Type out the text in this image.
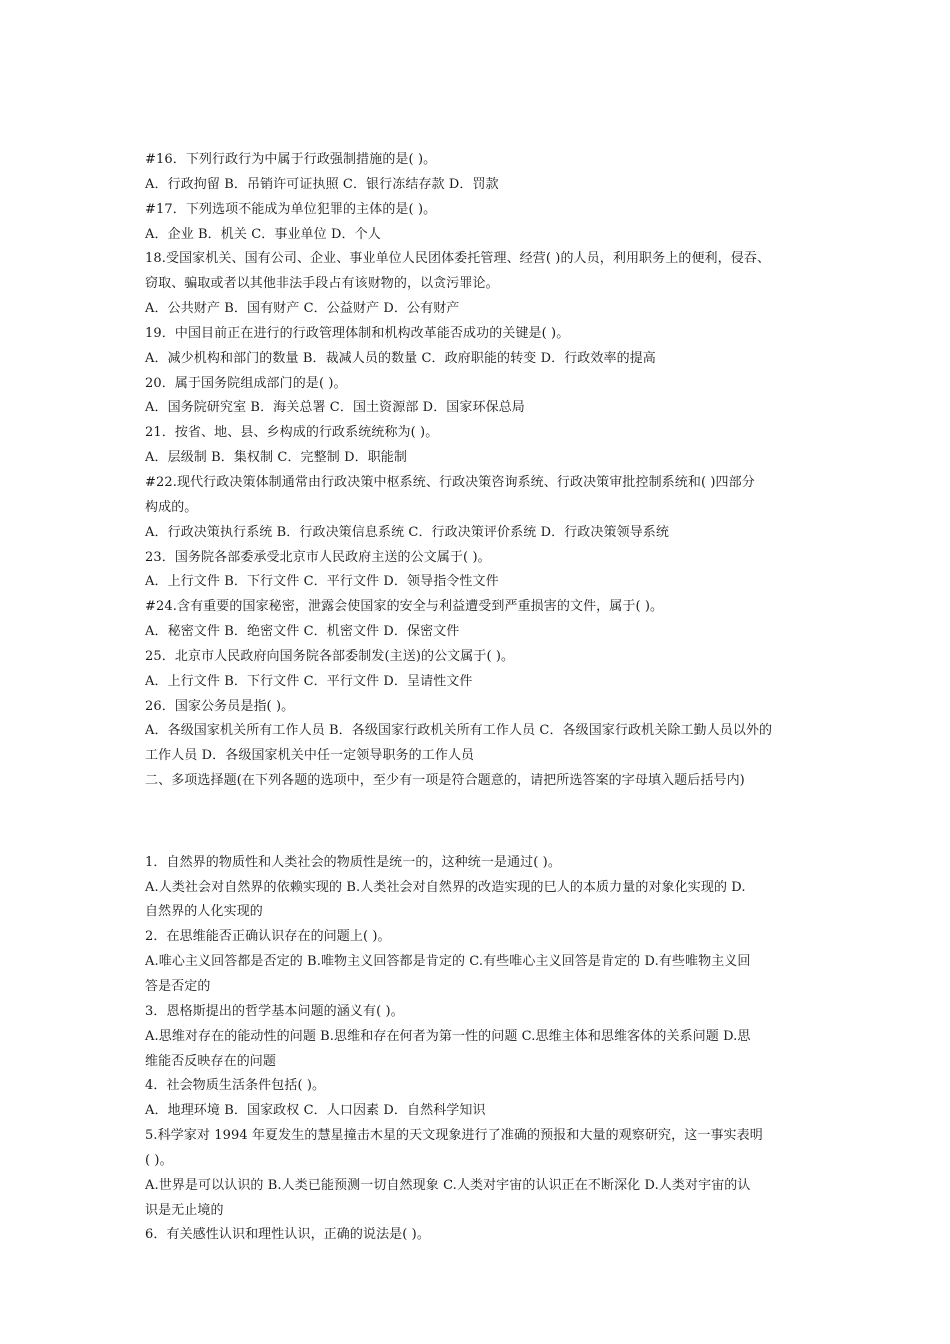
#16．下列行政行为中属于行政强制措施的是( )。

A．行政拘留 B．吊销许可证执照 C．银行冻结存款 D．罚款

#17．下列选项不能成为单位犯罪的主体的是( )。

A．企业 B．机关 C．事业单位 D．个人

18.受国家机关、国有公司、企业、事业单位人民团体委托管理、经营( )的人员，利用职务上的便利，侵吞、

窃取、骗取或者以其他非法手段占有该财物的，以贪污罪论。

A．公共财产 B．国有财产 C．公益财产 D．公有财产

19．中国目前正在进行的行政管理体制和机构改革能否成功的关键是( )。

A．减少机构和部门的数量 B．裁减人员的数量 C．政府职能的转变 D．行政效率的提高

20．属于国务院组成部门的是( )。

A．国务院研究室 B．海关总署 C．国土资源部 D．国家环保总局

21．按省、地、县、乡构成的行政系统统称为( )。

A．层级制 B．集权制 C．完整制 D．职能制

#22.现代行政决策体制通常由行政决策中枢系统、行政决策咨询系统、行政决策审批控制系统和( )四部分

构成的。

A．行政决策执行系统 B．行政决策信息系统 C．行政决策评价系统 D．行政决策领导系统

23．国务院各部委承受北京市人民政府主送的公文属于( )。

A．上行文件 B．下行文件 C．平行文件 D．领导指令性文件

#24.含有重要的国家秘密，泄露会使国家的安全与利益遭受到严重损害的文件，属于( )。

A．秘密文件 B．绝密文件 C．机密文件 D．保密文件

25．北京市人民政府向国务院各部委制发(主送)的公文属于( )。

A．上行文件 B．下行文件 C．平行文件 D．呈请性文件

26．国家公务员是指( )。

A．各级国家机关所有工作人员 B．各级国家行政机关所有工作人员 C．各级国家行政机关除工勤人员以外的

工作人员 D．各级国家机关中任一定领导职务的工作人员

二、多项选择题(在下列各题的选项中，至少有一项是符合题意的，请把所选答案的字母填入题后括号内)

1．自然界的物质性和人类社会的物质性是统一的，这种统一是通过( )。

A.人类社会对自然界的依赖实现的 B.人类社会对自然界的改造实现的巳人的本质力量的对象化实现的 D.

自然界的人化实现的

2．在思维能否正确认识存在的问题上( )。

A.唯心主义回答都是否定的 B.唯物主义回答都是肯定的 C.有些唯心主义回答是肯定的 D.有些唯物主义回

答是否定的

3．恩格斯提出的哲学基本问题的涵义有( )。

A.思维对存在的能动性的问题 B.思维和存在何者为第一性的问题 C.思维主体和思维客体的关系问题 D.思

维能否反映存在的问题

4．社会物质生活条件包括( )。

A．地理环境 B．国家政权 C．人口因素 D．自然科学知识

5.科学家对 1994 年夏发生的慧星撞击木星的天文现象进行了准确的预报和大量的观察研究，这一事实表明

( )。

A.世界是可以认识的 B.人类已能预测一切自然现象 C.人类对宇宙的认识正在不断深化 D.人类对宇宙的认

识是无止境的

6．有关感性认识和理性认识，正确的说法是( )。
